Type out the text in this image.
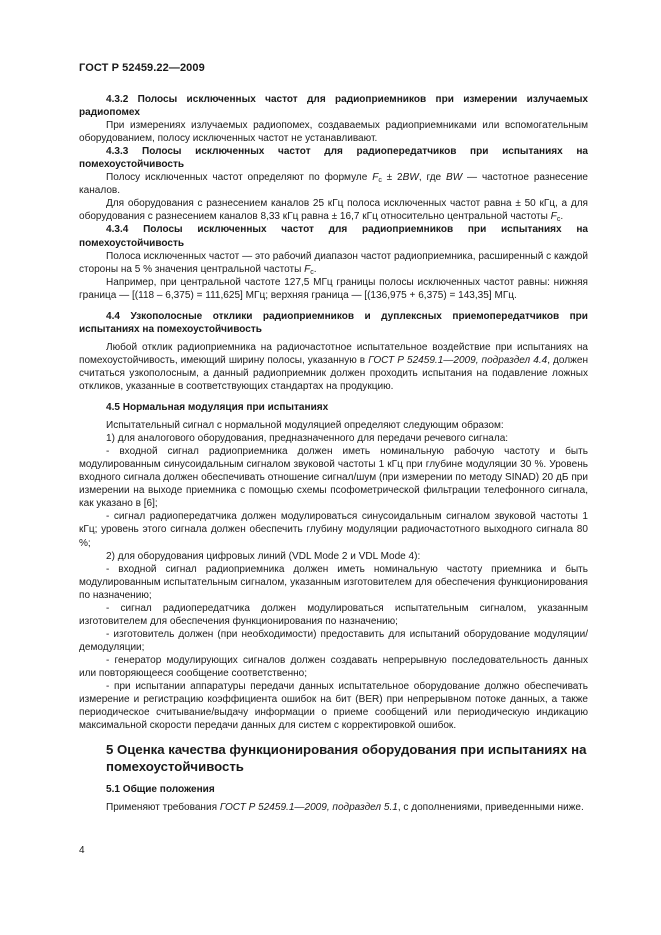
ГОСТ Р 52459.22—2009

4.3.2 Полосы исключенных частот для радиоприемников при измерении излучаемых радиопомех

При измерениях излучаемых радиопомех, создаваемых радиоприемниками или вспомогательным оборудованием, полосу исключенных частот не устанавливают.

4.3.3 Полосы исключенных частот для радиопередатчиков при испытаниях на помехоустойчивость

Полосу исключенных частот определяют по формуле $F_c \pm 2BW$, где BW — частотное разнесение каналов.

Для оборудования с разнесением каналов 25 кГц полоса исключенных частот равна ± 50 кГц, а для оборудования с разнесением каналов 8,33 кГц равна ± 16,7 кГц относительно центральной частоты $F_c$.

4.3.4 Полосы исключенных частот для радиоприемников при испытаниях на помехоустойчивость

Полоса исключенных частот — это рабочий диапазон частот радиоприемника, расширенный с каждой стороны на 5 % значения центральной частоты $F_c$.

Например, при центральной частоте 127,5 МГц границы полосы исключенных частот равны: нижняя граница — [(118 – 6,375) = 111,625] МГц; верхняя граница — [(136,975 + 6,375) = 143,35] МГц.

4.4 Узкополосные отклики радиоприемников и дуплексных приемопередатчиков при испытаниях на помехоустойчивость

Любой отклик радиоприемника на радиочастотное испытательное воздействие при испытаниях на помехоустойчивость, имеющий ширину полосы, указанную в ГОСТ Р 52459.1—2009, подраздел 4.4, должен считаться узкополосным, а данный радиоприемник должен проходить испытания на подавление ложных откликов, указанные в соответствующих стандартах на продукцию.

4.5 Нормальная модуляция при испытаниях

Испытательный сигнал с нормальной модуляцией определяют следующим образом:

1) для аналогового оборудования, предназначенного для передачи речевого сигнала:

- входной сигнал радиоприемника должен иметь номинальную рабочую частоту и быть модулированным синусоидальным сигналом звуковой частоты 1 кГц при глубине модуляции 30 %. Уровень входного сигнала должен обеспечивать отношение сигнал/шум (при измерении по методу SINAD) 20 дБ при измерении на выходе приемника с помощью схемы псофометрической фильтрации телефонного сигнала, как указано в [6];

- сигнал радиопередатчика должен модулироваться синусоидальным сигналом звуковой частоты 1 кГц; уровень этого сигнала должен обеспечить глубину модуляции радиочастотного выходного сигнала 80 %;

2) для оборудования цифровых линий (VDL Mode 2 и VDL Mode 4):

- входной сигнал радиоприемника должен иметь номинальную частоту приемника и быть модулированным испытательным сигналом, указанным изготовителем для обеспечения функционирования по назначению;

- сигнал радиопередатчика должен модулироваться испытательным сигналом, указанным изготовителем для обеспечения функционирования по назначению;

- изготовитель должен (при необходимости) предоставить для испытаний оборудование модуляции/демодуляции;

- генератор модулирующих сигналов должен создавать непрерывную последовательность данных или повторяющееся сообщение соответственно;

- при испытании аппаратуры передачи данных испытательное оборудование должно обеспечивать измерение и регистрацию коэффициента ошибок на бит (BER) при непрерывном потоке данных, а также периодическое считывание/выдачу информации о приеме сообщений или периодическую индикацию максимальной скорости передачи данных для систем с корректировкой ошибок.

5 Оценка качества функционирования оборудования при испытаниях на помехоустойчивость

5.1 Общие положения

Применяют требования ГОСТ Р 52459.1—2009, подраздел 5.1, с дополнениями, приведенными ниже.

4
